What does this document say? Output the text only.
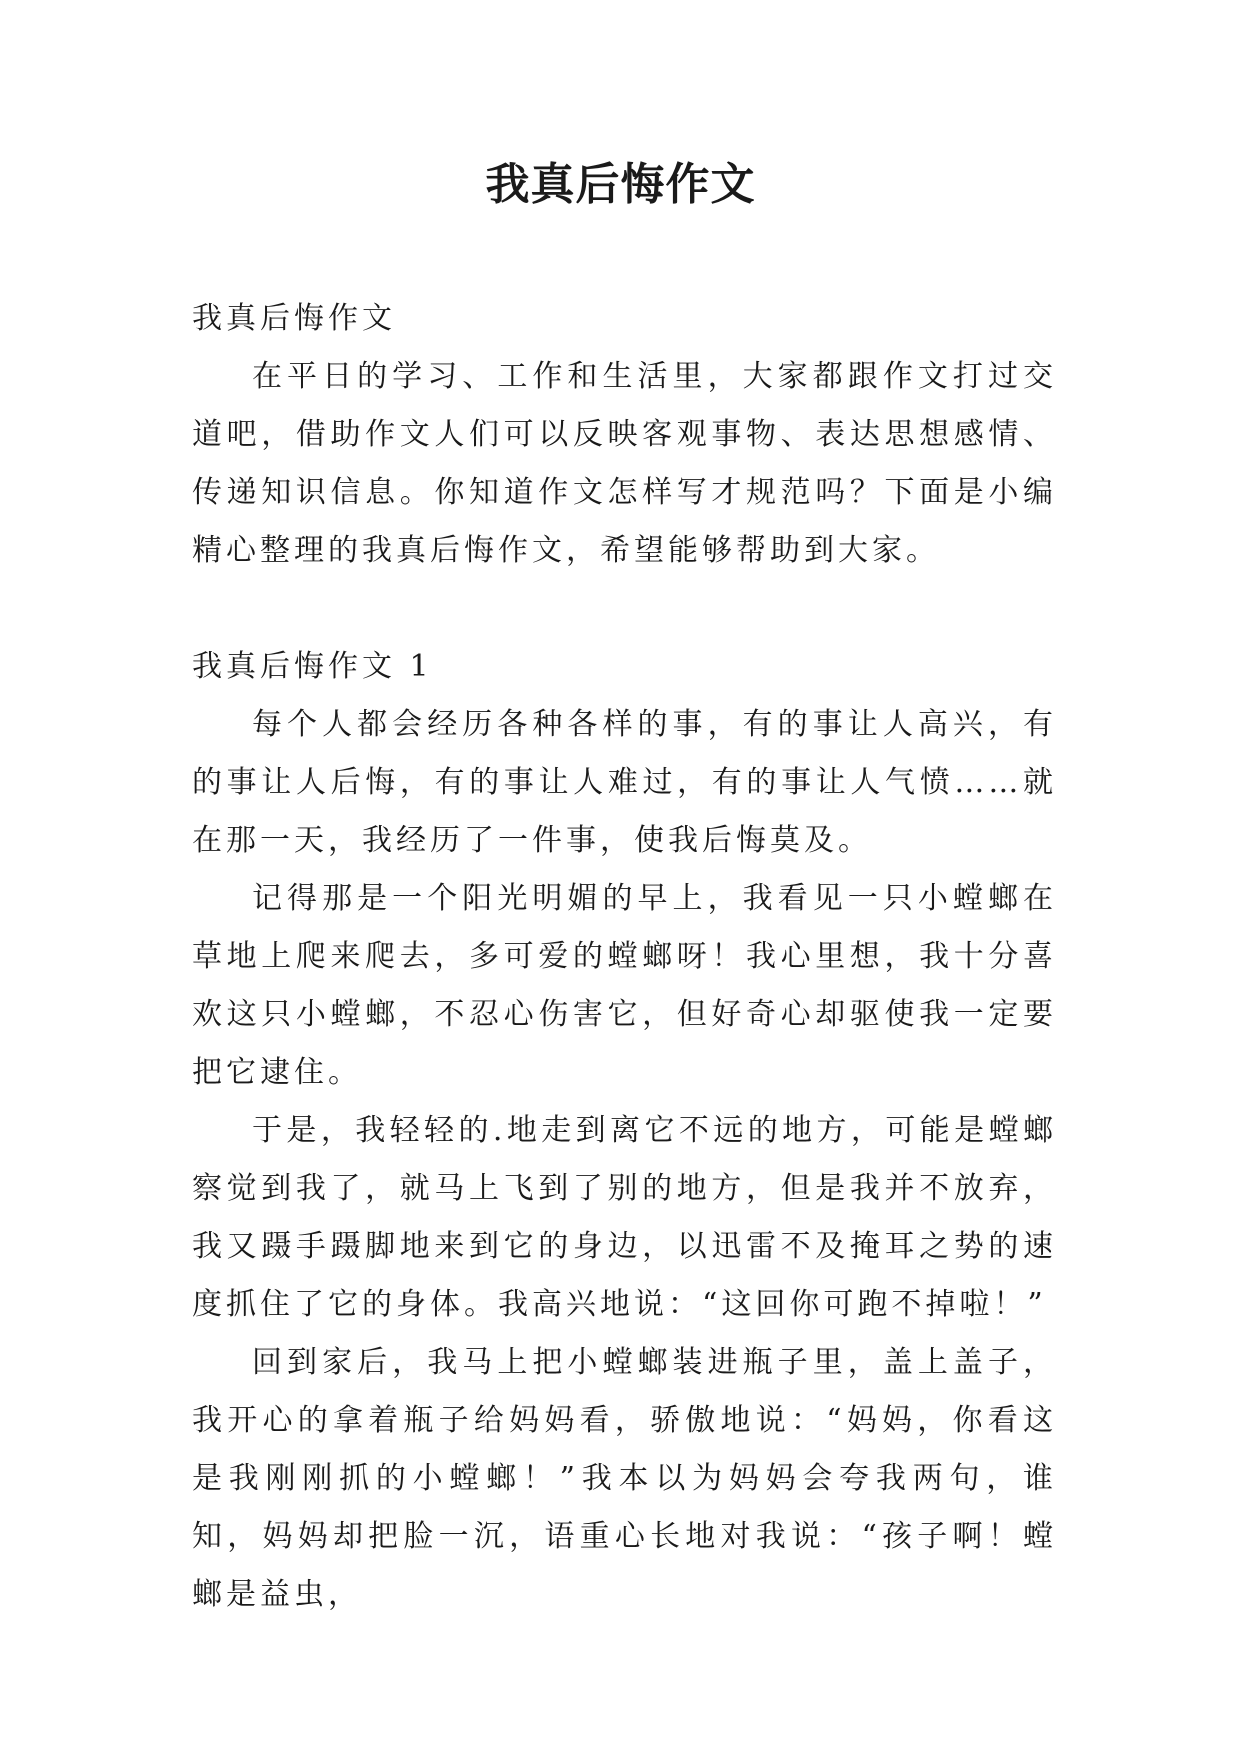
我真后悔作文

我真后悔作文

在平日的学习、工作和生活里，大家都跟作文打过交道吧，借助作文人们可以反映客观事物、表达思想感情、传递知识信息。你知道作文怎样写才规范吗？下面是小编精心整理的我真后悔作文，希望能够帮助到大家。

我真后悔作文 1

每个人都会经历各种各样的事，有的事让人高兴，有的事让人后悔，有的事让人难过，有的事让人气愤……就在那一天，我经历了一件事，使我后悔莫及。

记得那是一个阳光明媚的早上，我看见一只小螳螂在草地上爬来爬去，多可爱的螳螂呀！我心里想，我十分喜欢这只小螳螂，不忍心伤害它，但好奇心却驱使我一定要把它逮住。

于是，我轻轻的.地走到离它不远的地方，可能是螳螂察觉到我了，就马上飞到了别的地方，但是我并不放弃，我又蹑手蹑脚地来到它的身边，以迅雷不及掩耳之势的速度抓住了它的身体。我高兴地说：“这回你可跑不掉啦！”

回到家后，我马上把小螳螂装进瓶子里，盖上盖子，我开心的拿着瓶子给妈妈看，骄傲地说：“妈妈，你看这是我刚刚抓的小螳螂！”我本以为妈妈会夸我两句，谁知，妈妈却把脸一沉，语重心长地对我说：“孩子啊！螳螂是益虫，
